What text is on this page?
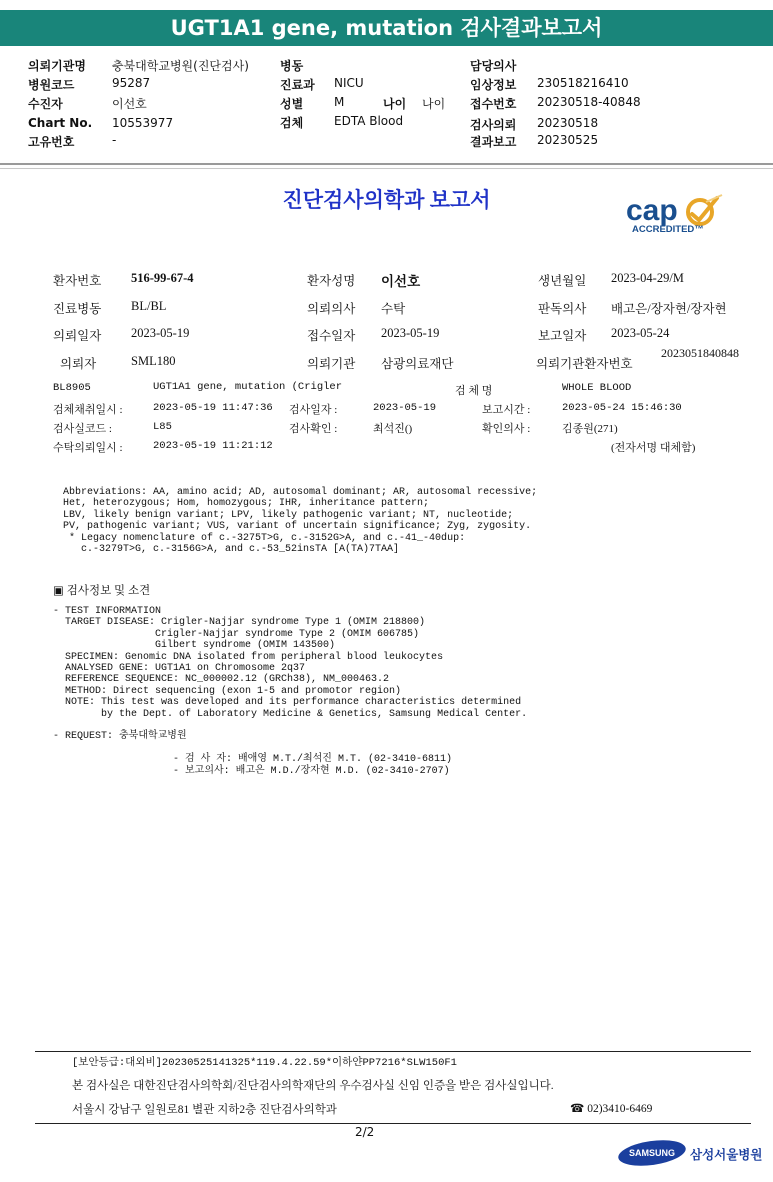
UGT1A1 gene, mutation 검사결과보고서
의뢰기관명 충북대학교병원(진단검사)
병원코드	95287
수진자	이선호
Chart No. 10553977
고유번호	-
병동
진료과 NICU
성별	M	나이 나이
검체	EDTA Blood
담당의사
임상정보 230518216410
접수번호 20230518-40848
검사의뢰 20230518
결과보고 20230525
진단검사의학과 보고서	cap
ACCREDITED™
환자번호 516-99-67-4	환자성명 이선호	생년월일 2023-04-29/M
진료병동 BL/BL	의뢰의사 수탁	판독의사 배고은/장자현/장자현
의뢰일자 2023-05-19	접수일자 2023-05-19	보고일자 2023-05-24
의뢰자	SML180	의뢰기관 삼광의료재단	의뢰기관환자번호
2023051840848
BL8905	UGT1A1 gene, mutation (Crigler	검 체 명	WHOLE BLOOD
검체채취일시 :	2023-05-19 11:47:36 검사일자 :	2023-05-19	보고시간 :	2023-05-24 15:46:30
검사실코드 :	L85	검사확인 :	최석진()	확인의사 :	김종원(271)
수탁의뢰일시 :	2023-05-19 11:21:12	(전자서명 대체함)
Abbreviations: AA, amino acid; AD, autosomal dominant; AR, autosomal recessive;
Het, heterozygous; Hom, homozygous; IHR, inheritance pattern;
LBV, likely benign variant; LPV, likely pathogenic variant; NT, nucleotide;
PV, pathogenic variant; VUS, variant of uncertain significance; Zyg, zygosity.
* Legacy nomenclature of c.-3275T>G, c.-3152G>A, and c.-41_-40dup:
c.-3279T>G, c.-3156G>A, and c.-53_52insTA [A(TA)7TAA]
▣ 검사정보 및 소견
- TEST INFORMATION
TARGET DISEASE: Crigler-Najjar syndrome Type 1 (OMIM 218800)
Crigler-Najjar syndrome Type 2 (OMIM 606785)
Gilbert syndrome (OMIM 143500)
SPECIMEN: Genomic DNA isolated from peripheral blood leukocytes
ANALYSED GENE: UGT1A1 on Chromosome 2q37
REFERENCE SEQUENCE: NC_000002.12 (GRCh38), NM_000463.2
METHOD: Direct sequencing (exon 1-5 and promotor region)
NOTE: This test was developed and its performance characteristics determined
by the Dept. of Laboratory Medicine & Genetics, Samsung Medical Center.

- REQUEST: 충북대학교병원

- 검 사 자: 배애영 M.T./최석진 M.T. (02-3410-6811)
- 보고의사: 배고은 M.D./장자현 M.D. (02-3410-2707)
[보안등급:대외비]20230525141325*119.4.22.59*이하얀PP7216*SLW150F1
본 검사실은 대한진단검사의학회/진단검사의학재단의 우수검사실 신임 인증을 받은 검사실입니다.
서울시 강남구 일원로81 별관 지하2층 진단검사의학과	☎ 02)3410-6469
2/2
SAMSUNG	삼성서울병원
